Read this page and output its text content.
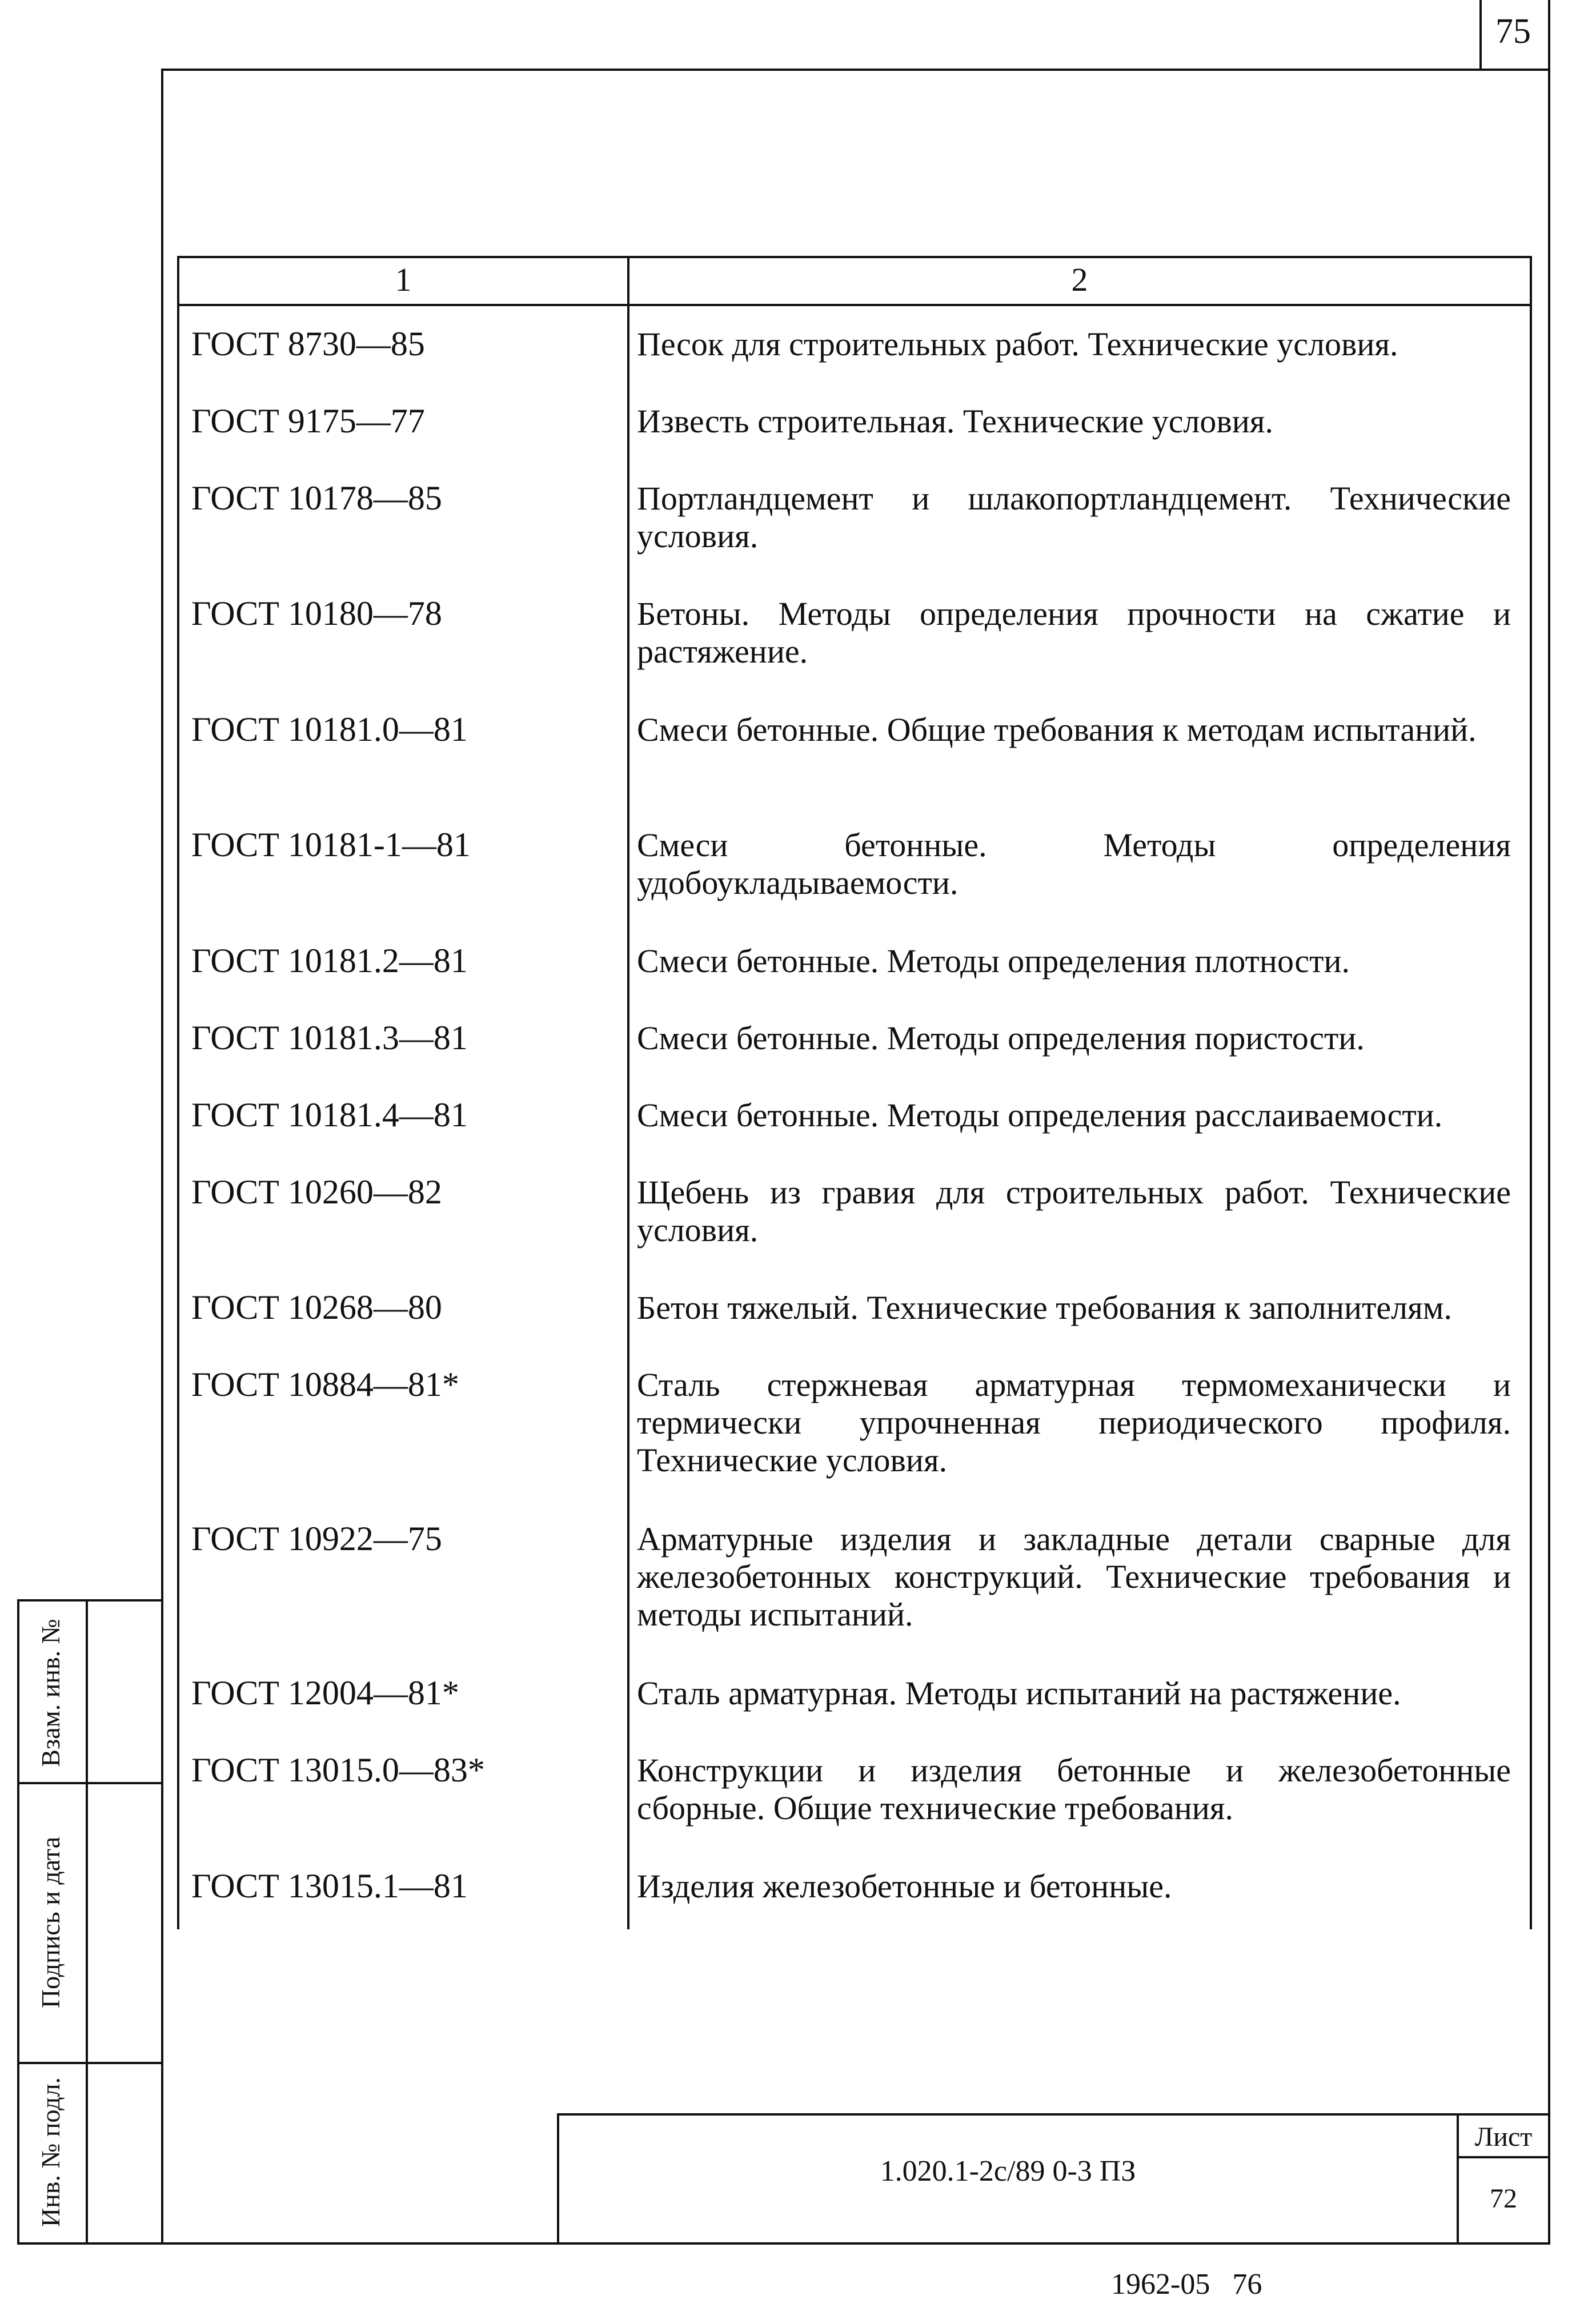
75
1	2
ГОСТ 8730—85	Песок для строительных работ. Технические условия.
ГОСТ 9175—77	Известь строительная. Технические условия.
ГОСТ 10178—85	Портландцемент и шлакопортландцемент. Технические условия.
ГОСТ 10180—78	Бетоны. Методы определения прочности на сжатие и растяжение.
ГОСТ 10181.0—81	Смеси бетонные. Общие требования к методам испытаний.
ГОСТ 10181-1—81	Смеси бетонные. Методы определения удобоукладываемости.
ГОСТ 10181.2—81	Смеси бетонные. Методы определения плотности.
ГОСТ 10181.3—81	Смеси бетонные. Методы определения пористости.
ГОСТ 10181.4—81	Смеси бетонные. Методы определения расслаиваемости.
ГОСТ 10260—82	Щебень из гравия для строительных работ. Технические условия.
ГОСТ 10268—80	Бетон тяжелый. Технические требования к заполнителям.
ГОСТ 10884—81*	Сталь стержневая арматурная термомеханически и термически упрочненная периодического профиля. Технические условия.
ГОСТ 10922—75	Арматурные изделия и закладные детали сварные для железобетонных конструкций. Технические требования и методы испытаний.
ГОСТ 12004—81*	Сталь арматурная. Методы испытаний на растяжение.
ГОСТ 13015.0—83*	Конструкции и изделия бетонные и железобетонные сборные. Общие технические требования.
ГОСТ 13015.1—81	Изделия железобетонные и бетонные.
Взам. инв. №
Подпись и дата
Инв. № подл.	1.020.1-2с/89 0-3 ПЗ
Лист
72
1962-05   76
